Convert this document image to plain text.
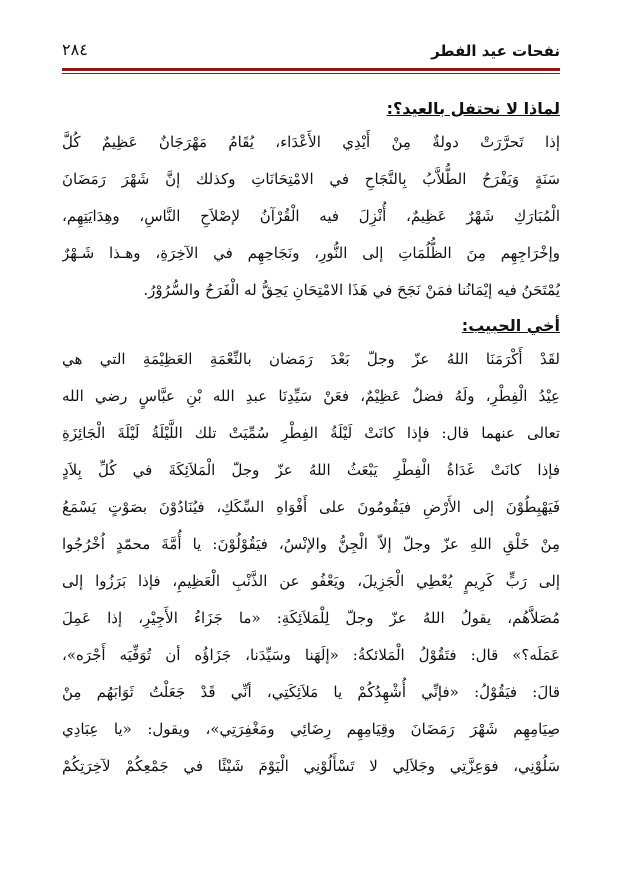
نفحات عيد الفطر
٢٨٤
لماذا لا نحتفل بالعيد؟:
إذا تَحرَّرَتْ دولةٌ مِنْ أَيْدِي الأَعْدَاء، يُقَامُ مَهْرَجَانٌ عَظِيمٌ كُلَّ
سَنَةٍ وَيَفْرَحُ الطُّلاَّبُ بِالنَّجَاحِ في الامْتِحَانَاتِ وكذلك إنَّ شَهْرَ رَمَضَانَ
الْمُبَارَكِ شَهْرٌ عَظِيمٌ، أُنْزِلَ فيه الْقُرْآنُ لإصْلاَحِ النَّاسِ، وهِدَايَتِهِم،
وإخْرَاجِهِم مِنَ الظُّلُمَاتِ إلى النُّورِ، ونَجَاحِهِم في الآخِرَةِ، وهـذا شَـهْرٌ
يُمْتَحَنُ فيه إيْمَانُنا فمَنْ نَجَحَ في هَذَا الامْتِحَانِ يَحِقُّ له الْفَرَحُ والسُّرُوْرُ.
أخي الحبيب:
لقَدْ أَكْرَمَنَا اللهُ عزّ وجلّ بَعْدَ رَمَضان بالنِّعْمَةِ العَظِيْمَةِ التي هي
عِيْدُ الْفِطْرِ، ولَهُ فضلٌ عَظِيْمٌ، فعَنْ سَيِّدِنَا عبدِ الله بْنِ عبَّاسٍ رضي الله
تعالى عنهما قال: فإذا كانَتْ لَيْلَةُ الفِطْرِ سُمِّيَتْ تلك اللَّيْلَةُ لَيْلَةَ الْجَائِزَةِ
فإذا كانَتْ غَدَاةُ الْفِطْرِ يَبْعَثُ اللهُ عزّ وجلّ الْمَلاَئِكَةَ في كُلِّ بِلاَدٍ
فَيَهْبِطُوْنَ إلى الأَرْضِ فيَقُومُونَ على أَفْوَاهِ السِّكَكِ، فيُنَادُوْنَ بصَوْتٍ يَسْمَعُ
مِنْ خَلْقِ اللهِ عزّ وجلّ إلاّ الْجِنُّ والإنْسُ، فيَقُوْلُوْنَ: يا أُمَّةَ محمّدٍ اُخْرُجُوا
إلى رَبٍّ كَرِيمٍ يُعْطِي الْجَزِيلَ، ويَعْفُو عن الذَّنْبِ الْعَظِيمِ، فإذا بَرَزُوا إلى
مُصَلاَّهُم، يقولُ اللهُ عزّ وجلّ لِلْمَلاَئِكَةِ: «ما جَزَاءُ الأَجِيْرِ، إذا عَمِلَ
عَمَلَه؟» قال: فتَقُوْلُ الْمَلائكةُ: «إلَهَنا وسَيِّدَنا، جَزَاؤُه أن تُوَفِّيَه أَجْرَه»،
قالَ: فيَقُوْلُ: «فإنِّي أُشْهِدُكُمْ يا مَلاَئِكَتِي، أنِّي قَدْ جَعَلْتُ ثَوَابَهُم مِنْ
صِيَامِهِم شَهْرَ رَمَضَانَ وقِيَامِهِم رِضَائِي ومَغْفِرَتِي»، ويقول: «يا عِبَادِي
سَلُوْنِي، فوَعِزَّتِي وجَلاَلِي لا تَسْأَلُوْنِي الْيَوْمَ شَيْئًا في جَمْعِكُمْ لآخِرَتِكُمْ
